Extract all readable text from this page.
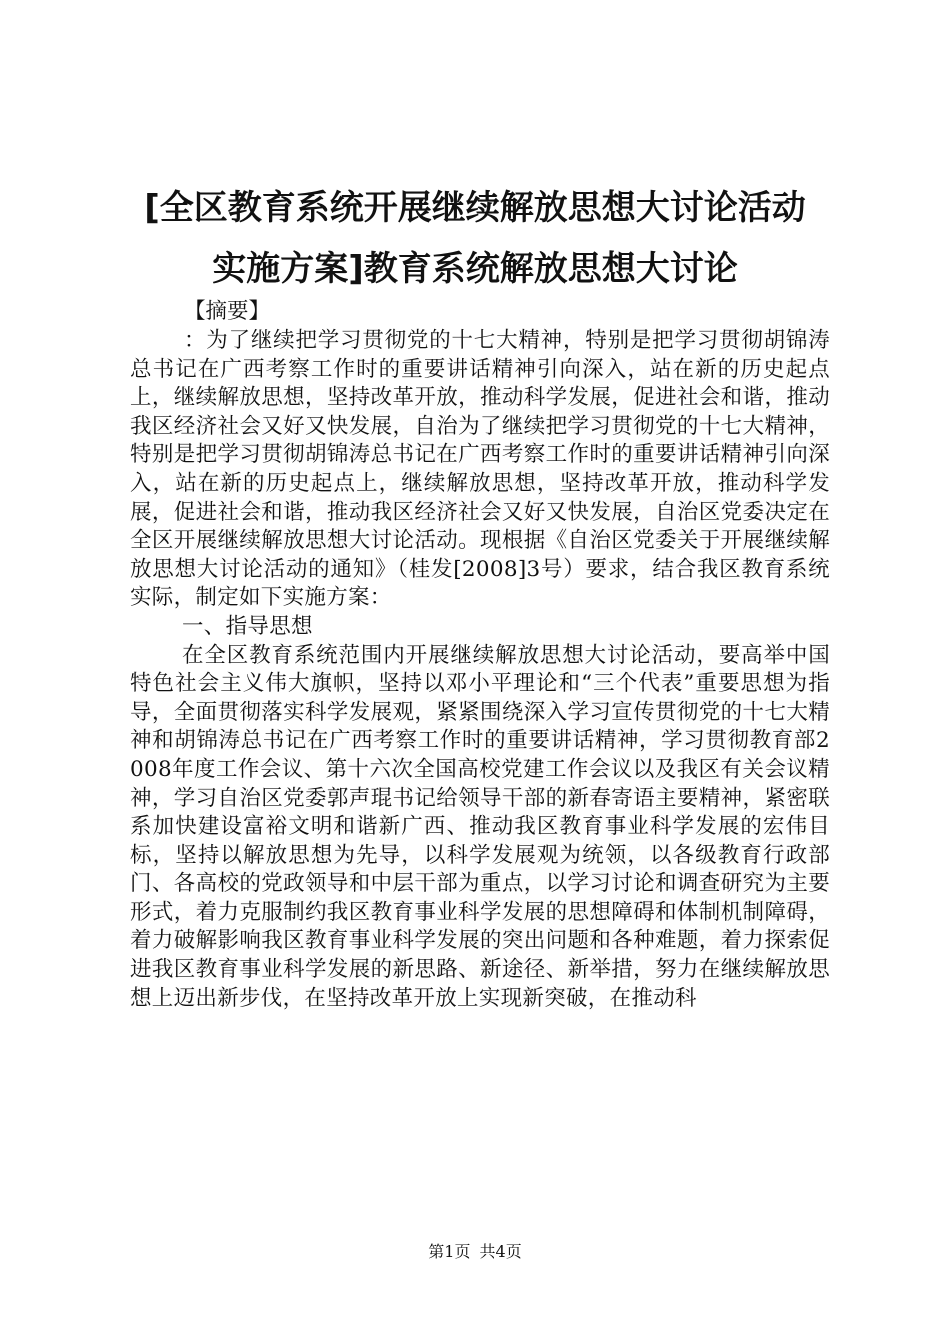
[全区教育系统开展继续解放思想大讨论活动
实施方案]教育系统解放思想大讨论
【摘要】

：为了继续把学习贯彻党的十七大精神，特别是把学习贯彻胡锦涛总书记在广西考察工作时的重要讲话精神引向深入，站在新的历史起点上，继续解放思想，坚持改革开放，推动科学发展，促进社会和谐，推动我区经济社会又好又快发展，自治为了继续把学习贯彻党的十七大精神，特别是把学习贯彻胡锦涛总书记在广西考察工作时的重要讲话精神引向深入，站在新的历史起点上，继续解放思想，坚持改革开放，推动科学发展，促进社会和谐，推动我区经济社会又好又快发展，自治区党委决定在全区开展继续解放思想大讨论活动。现根据《自治区党委关于开展继续解放思想大讨论活动的通知》（桂发[2008]3号）要求，结合我区教育系统实际，制定如下实施方案：

一、指导思想

在全区教育系统范围内开展继续解放思想大讨论活动，要高举中国特色社会主义伟大旗帜，坚持以邓小平理论和“三个代表”重要思想为指导，全面贯彻落实科学发展观，紧紧围绕深入学习宣传贯彻党的十七大精神和胡锦涛总书记在广西考察工作时的重要讲话精神，学习贯彻教育部2008年度工作会议、第十六次全国高校党建工作会议以及我区有关会议精神，学习自治区党委郭声琨书记给领导干部的新春寄语主要精神，紧密联系加快建设富裕文明和谐新广西、推动我区教育事业科学发展的宏伟目标，坚持以解放思想为先导，以科学发展观为统领，以各级教育行政部门、各高校的党政领导和中层干部为重点，以学习讨论和调查研究为主要形式，着力克服制约我区教育事业科学发展的思想障碍和体制机制障碍，着力破解影响我区教育事业科学发展的突出问题和各种难题，着力探索促进我区教育事业科学发展的新思路、新途径、新举措，努力在继续解放思想上迈出新步伐，在坚持改革开放上实现新突破，在推动科

第1页 共4页
